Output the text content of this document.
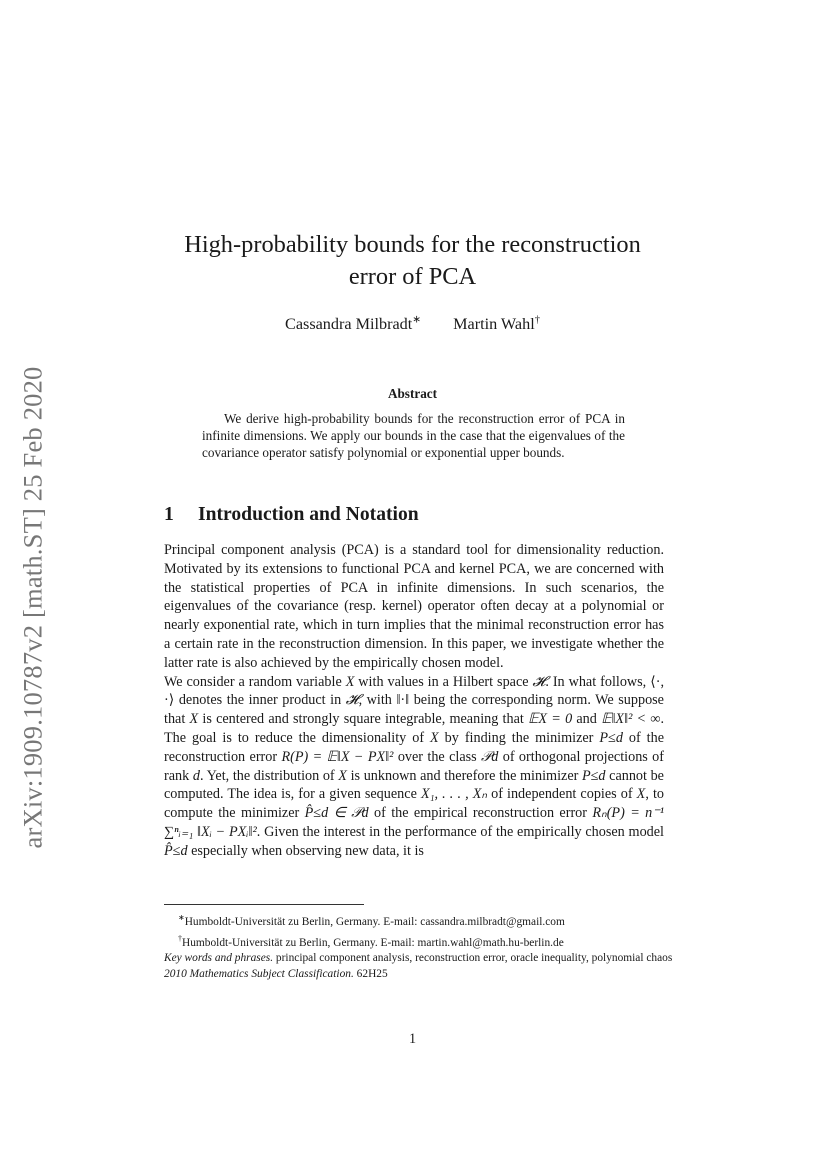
arXiv:1909.10787v2 [math.ST] 25 Feb 2020
High-probability bounds for the reconstruction
error of PCA
Cassandra Milbradt∗ Martin Wahl†
Abstract

We derive high-probability bounds for the reconstruction error of PCA in infinite dimensions. We apply our bounds in the case that the eigenvalues of the covariance operator satisfy polynomial or exponential upper bounds.

1 Introduction and Notation

Principal component analysis (PCA) is a standard tool for dimensionality reduction. Motivated by its extensions to functional PCA and kernel PCA, we are concerned with the statistical properties of PCA in infinite dimensions. In such scenarios, the eigenvalues of the covariance (resp. kernel) operator often decay at a polynomial or nearly exponential rate, which in turn implies that the minimal reconstruction error has a certain rate in the reconstruction dimension. In this paper, we investigate whether the latter rate is also achieved by the empirically chosen model.

We consider a random variable X with values in a Hilbert space 𝓗. In what follows, ⟨·, ·⟩ denotes the inner product in 𝓗, with ‖·‖ being the corresponding norm. We suppose that X is centered and strongly square integrable, meaning that 𝔼X = 0 and 𝔼‖X‖² < ∞. The goal is to reduce the dimensionality of X by finding the minimizer P≤d of the reconstruction error R(P) = 𝔼‖X − PX‖² over the class 𝒫d of orthogonal projections of rank d. Yet, the distribution of X is unknown and therefore the minimizer P≤d cannot be computed. The idea is, for a given sequence X₁, . . . , Xₙ of independent copies of X, to compute the minimizer P̂≤d ∈ 𝒫d of the empirical reconstruction error Rₙ(P) = n⁻¹ ∑ⁿᵢ₌₁ ‖Xᵢ − PXᵢ‖². Given the interest in the performance of the empirically chosen model P̂≤d especially when observing new data, it is

∗Humboldt-Universität zu Berlin, Germany. E-mail: cassandra.milbradt@gmail.com
†Humboldt-Universität zu Berlin, Germany. E-mail: martin.wahl@math.hu-berlin.de
Key words and phrases. principal component analysis, reconstruction error, oracle inequality, polynomial chaos
2010 Mathematics Subject Classification. 62H25
1
